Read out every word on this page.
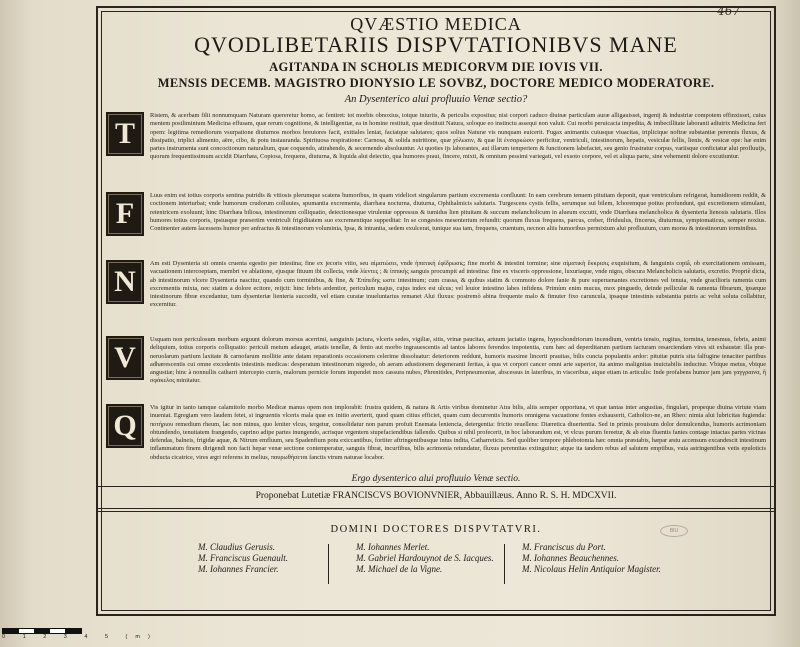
467
QVÆSTIO MEDICA
QVODLIBETARIIS DISPVTATIONIBVS MANE
AGITANDA IN SCHOLIS MEDICORVM DIE IOVIS VII.
MENSIS DECEMB. MAGISTRO DIONYSIO LE SOVBZ, DOCTORE MEDICO MODERATORE.
An Dysenterico alui profluuio Venæ sectio?
T
Ristem, & acerbam filii nonnumquam Naturam quereretur homo, ac fentiret: tot morbis obnoxius, totque iniuriis, & periculis expositus; nisi corpori caduco diuinæ particulam auræ alligauisset, ingenij & industriæ compotem effinxisset, cuius mentem postliminium Medicina effusam, quæ rerum cognitione, & intelligentiæ, ea in homine restituit, quæ destituit Natura, soloque eo instinctu assequi non valuit. Cui morbi peruicacia impedita, & imbecillitate laboranti adiutrix Medicina fert opem: legitima remediorum vsurpatione diuturnos morbos breuiores facit, exitiales leniat, faciatque salutares; quos solius Naturæ vis nunquam euicerit. Fugax animantis cuiusque viuacitas, triplicique noftræ substantiæ perennis fluxus, & dissipatio, triplici alimento, aëre, cibo, & potu instauranda. Spirituosa respiratione: Carnosa, & solida nutritione, quæ χόλωσιν, & quæ lit ἑνσαρκώσιν perficitur, ventriculi, intestinorum, hepatis, vesiculæ fellis, lienis, & vesicæ ope: hæ enim partes instrumenta sunt concoctionum naturalium, quæ coquendo, attrahendo, & secernendo absoluuntur. At quoties ijs laborantes, aut illarum temperiem & functionem labefactet, seu genio frustratur corpus, variisque confictatur alui profluuijs, quorum frequentissimum accidit Diarrhæa, Copiosa, frequens, diuturna, & liquida alui deiectio, qua humores praui, fincere, mixti, & omnium pessimi variegati, vel exsoto corpore, vel et aliqua parte, sine vehementi dolore excutiuntur.
F
Luus enim est totius corporis sentina putridis & vitiosis plerumque scatens humoribus, in quam videlicet singularum partium excrementa confluunt: In eam cerebrum tenuem pituitam deponit, quæ ventriculum refrigerat, humidiorem reddit, & coctionem interturbat; vnde humorum crudorum colluuies, spumantia excrementa, diarrhæa nocturna, diuturna, Ophthalmicis salutaris. Turgescens cystis fellis, serumque sui bilem, Ichoremque potius profundunt, qui excretionem stimulant, retentricem exoluunt; hinc Diarrhæa biliosa, intestinorum colliquatio, deiectionesque virulentæ oppressus & tumidus lien pituitam & succum melancholicum in alueum excutit, vnde Diarrhæa melancholica & dysenteria lienosis salutaris. Illos humores totius corporis, ipsiusque præsertim ventriculi frigiditatem suo excrementique suppeditat: In se congestos mesenterium refundit: quorum fluxus frequens, parcus, creber, ffriduulus, fincerus, diuturnus, symptomaticus, semper noxius. Continenter autem lacessens humor per anfractus & intestinorum voluminia, Ipsa, & intrantia, sedem exulcerat, tunique sua tam, frequens, cruentum, necnon aliis humoribus permixtum alui profluuium, cum morsu & intestinorum torminibus.
N
Am esti Dysenteria sit omnis cruenta egestio per intestina; fine ex jecoris vitio, seu αἰματώσει, vnde ἡπατική ἐφίδρωσις; fine morbi & intestini tormine; sine αἱματικὴ ἔκκρισις exquisitum, & fanguinis copiâ, ob exercitationem omissam, vacuationem intercoeptam, membri ve ablatione, ejusque fituum ibi collecta, vnde λίεντες ; & ἱππικής sanguis procumpit ad intestina: fine ex visceris oppressione, luxuriaque, vnde nigra, obscura Melancholicis salutaris, excretio. Propriè dicta, ab intestinorum vlcere Dysenteria nascitur, quando cum torminibus, & fine, & Ἐπίπεδης ωστε intestinum; cum crassa, & quibus statim & commoto dolore fanie & pure superuenantes excretiones vel tenuia, vnde gracilioris ramenta cum excrementis mixta, nec statim a dolore ecitore, reijcit: hinc febris ardentior, periculum majus, cujus index est ulcus; vel leuior intestino labes infidens. Primùm enim mucus, mox pinguedo, deinde pelliculæ & ramenta fibrarum, ipsæque intestinorum fibræ excedantur, tum dysenteriæ lienteria succedit, vel etiam curatæ inueluntarius remanet Alui fluxus: postremò abina frequente malo & fimuter fixo caruncula, ipsaque intestinis substantia putris ac velut soluta collabitur, excernitur.
V
Usquam non periculosum morbum arguunt dolorum morsus acerrimi, sanguinis jactura, vlceris sedes, vigiliæ, sitis, vrinæ paucitas, artuum jactatio ingens, hypochondriorum incendium, ventris tensio, rugitus, tormina, tenesmus, febris, animi deliquium, totius corporis colliquatio: periculi metum adauget, ætatis tenellæ, & fenio aut morbo ingrauescentis ad tantos labores ferendos impotentia, cum hæc ad deperditarum partium iacturam resarciendam vires sit exhaustæ: illa præ-neruolarum partium laxitate & carnofarum mollitie ante datam reparationis occasionem celerime dissoluatur: deteriorem reddunt, humoris maxime lincerti prauitas, bilis cuncta populantis ardor: pituitæ putris sita falfugine tenaciter partibus adhærescentis cui omne excedentis intestinis medicas: desperatum intestinorum nigredo, ob aeram adustionem degeneranti feritas, à qua vt corpori cancer omni arte superior, ita animo malignitas inuictabilis inducitur. Vbique metus, vbique angustiæ; hinc à nonnullis catharri intercepto curris, malorum pernicie forum impendet mox cassura nubes, Phrenitides, Peripneumoniæ, abscessus in lateribus, in visceribus, atque etiam in articulis: Inde profabens humor jam jam γαγγραινα, ἢ σφάκελος minitatur.
Q
Vis igitur in tanto tamque calamitofo morbo Medicæ manus opem non implorabit: frustra quidem, & natura & Artis viribus dominetur Atra bilis, aliis semper opportuna, vt quæ tantas inter angustias, fingulari, propeque diuina virtute viam inueniat. Egregiam vero laudem fetet, si ingruentis vlceris mala quæ ex initio averterit, quod quam citius efficiet, quam cum decurrentis humoris omnigena vacuatione fontes exhauserit, Catholico-ne, an Rheo: nimia alui lubricitas fugienda: ποτήριου remedium rheum, lac non minus, quo leniter vlcus, tergetur, consolidatur non parum profuit Enemata leniencia, detergentia: frictio reuellens: Diæretica diuertentia. Sed in primis prouisum dolor demulcendus, humoris acrimoniam obtundendo, tenuitatem frangendo, caprino adipe partes inungendo, acrisque vrgentem stupefaciendibus fallendo. Quibus si nihil profecerit, in hoc laborandum est, vt vlcus purum fereetur, & ab eius fluentis fanies contage intactas partes vicinas defendas, balneis, frigidæ aquæ, & Nitrum emfluum, seu Spadenfium potu exiccantibus, fortiter aftringentibusque intus indita, Catharreticis. Sed quoliber tempore phlebotomia hæc omnia præstabis, hæpar æstu accensum excandescit intestinum inflammatum finem dirigendi non facit hepar venæ sectione contemperatur, sanguis fibrat, incurfibus, bilis acrimonia retundatur, fluxus perennitas extinguitur; atque ita tandem rebus ad salutem emptibus, vuia astringentibus vetis epuloticis obducta cicatrice, vires ægri referens in melius, παυρωθήσεται fanctis vtrum naturae locabor.
Ergo dysenterico alui profluuio Venæ sectio.
Proponebat Lutetiæ FRANCISCVS BOVIONVNIER, Abbauillæus. Anno R. S. H. MDCXVII.
DOMINI DOCTORES DISPVTATVRI.	BIU
M. Claudius Gerusis.
M. Franciscus Guenault.
M. Iohannes Francier.
M. Iohannes Merlet.
M. Gabriel Hardouynot de S. Iacques.
M. Michael de la Vigne.
M. Franciscus du Port.
M. Iohannes Beauchennes.
M. Nicolaus Helin Antiquior Magister.
0 1 2 3 4 5 (m)
